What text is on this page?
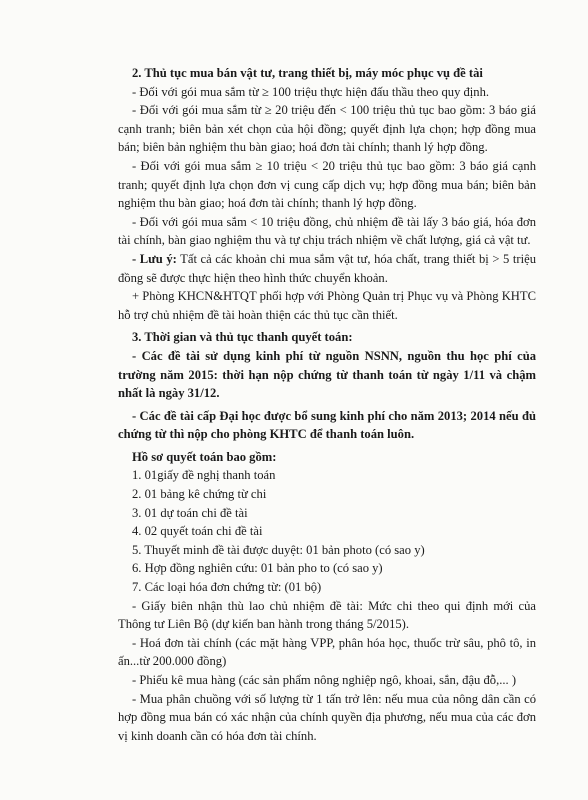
2. Thủ tục mua bán vật tư, trang thiết bị, máy móc phục vụ đề tài

- Đối với gói mua sắm từ ≥ 100 triệu thực hiện đấu thầu theo quy định.

- Đối với gói mua sắm từ ≥ 20 triệu đến < 100 triệu thủ tục bao gồm: 3 báo giá cạnh tranh; biên bản xét chọn của hội đồng; quyết định lựa chọn; hợp đồng mua bán; biên bản nghiệm thu bàn giao; hoá đơn tài chính; thanh lý hợp đồng.

- Đối với gói mua sắm ≥ 10 triệu < 20 triệu thủ tục bao gồm: 3 báo giá cạnh tranh; quyết định lựa chọn đơn vị cung cấp dịch vụ; hợp đồng mua bán; biên bản nghiệm thu bàn giao; hoá đơn tài chính; thanh lý hợp đồng.

- Đối với gói mua sắm < 10 triệu đồng, chủ nhiệm đề tài lấy 3 báo giá, hóa đơn tài chính, bàn giao nghiệm thu và tự chịu trách nhiệm về chất lượng, giá cả vật tư.

- Lưu ý: Tất cả các khoản chi mua sắm vật tư, hóa chất, trang thiết bị > 5 triệu đồng sẽ được thực hiện theo hình thức chuyển khoản.

+ Phòng KHCN&HTQT phối hợp với Phòng Quản trị Phục vụ và Phòng KHTC hỗ trợ chủ nhiệm đề tài hoàn thiện các thủ tục cần thiết.

3. Thời gian và thủ tục thanh quyết toán:

- Các đề tài sử dụng kinh phí từ nguồn NSNN, nguồn thu học phí của trường năm 2015: thời hạn nộp chứng từ thanh toán từ ngày 1/11 và chậm nhất là ngày 31/12.

- Các đề tài cấp Đại học được bổ sung kinh phí cho năm 2013; 2014 nếu đủ chứng từ thì nộp cho phòng KHTC để thanh toán luôn.

Hồ sơ quyết toán bao gồm:

1. 01giấy đề nghị thanh toán

2. 01 bảng kê chứng từ chi

3. 01 dự toán chi đề tài

4. 02 quyết toán chi đề tài

5. Thuyết minh đề tài được duyệt: 01 bản photo (có sao y)

6. Hợp đồng nghiên cứu: 01 bản pho to (có sao y)

7. Các loại hóa đơn chứng từ: (01 bộ)

- Giấy biên nhận thù lao chủ nhiệm đề tài: Mức chi theo qui định mới của Thông tư Liên Bộ (dự kiến ban hành trong tháng 5/2015).

- Hoá đơn tài chính (các mặt hàng VPP, phân hóa học, thuốc trừ sâu, phô tô, in ấn...từ 200.000 đồng)

- Phiếu kê mua hàng (các sản phẩm nông nghiệp ngô, khoai, sắn, đậu đỗ,... )

- Mua phân chuồng với số lượng từ 1 tấn trở lên: nếu mua của nông dân cần có hợp đồng mua bán có xác nhận của chính quyền địa phương, nếu mua của các đơn vị kinh doanh cần có hóa đơn tài chính.
